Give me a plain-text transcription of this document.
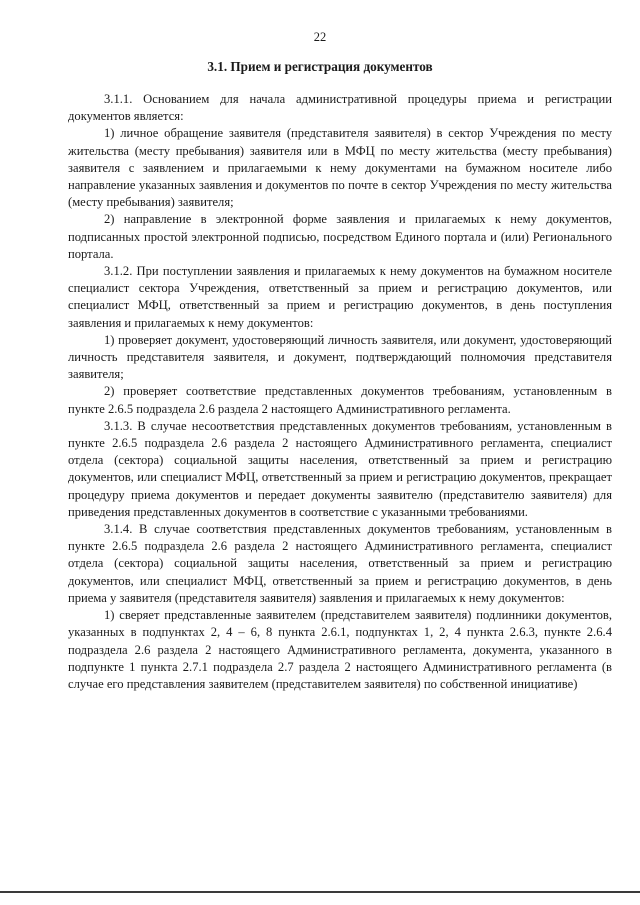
22
3.1. Прием и регистрация документов

3.1.1. Основанием для начала административной процедуры приема и регистрации документов является:

1) личное обращение заявителя (представителя заявителя) в сектор Учреждения по месту жительства (месту пребывания) заявителя или в МФЦ по месту жительства (месту пребывания) заявителя с заявлением и прилагаемыми к нему документами на бумажном носителе либо направление указанных заявления и документов по почте в сектор Учреждения по месту жительства (месту пребывания) заявителя;

2) направление в электронной форме заявления и прилагаемых к нему документов, подписанных простой электронной подписью, посредством Единого портала и (или) Регионального портала.

3.1.2. При поступлении заявления и прилагаемых к нему документов на бумажном носителе специалист сектора Учреждения, ответственный за прием и регистрацию документов, или специалист МФЦ, ответственный за прием и регистрацию документов, в день поступления заявления и прилагаемых к нему документов:

1) проверяет документ, удостоверяющий личность заявителя, или документ, удостоверяющий личность представителя заявителя, и документ, подтверждающий полномочия представителя заявителя;

2) проверяет соответствие представленных документов требованиям, установленным в пункте 2.6.5 подраздела 2.6 раздела 2 настоящего Административного регламента.

3.1.3. В случае несоответствия представленных документов требованиям, установленным в пункте 2.6.5 подраздела 2.6 раздела 2 настоящего Административного регламента, специалист отдела (сектора) социальной защиты населения, ответственный за прием и регистрацию документов, или специалист МФЦ, ответственный за прием и регистрацию документов, прекращает процедуру приема документов и передает документы заявителю (представителю заявителя) для приведения представленных документов в соответствие с указанными требованиями.

3.1.4. В случае соответствия представленных документов требованиям, установленным в пункте 2.6.5 подраздела 2.6 раздела 2 настоящего Административного регламента, специалист отдела (сектора) социальной защиты населения, ответственный за прием и регистрацию документов, или специалист МФЦ, ответственный за прием и регистрацию документов, в день приема у заявителя (представителя заявителя) заявления и прилагаемых к нему документов:

1) сверяет представленные заявителем (представителем заявителя) подлинники документов, указанных в подпунктах 2, 4 – 6, 8 пункта 2.6.1, подпунктах 1, 2, 4 пункта 2.6.3, пункте 2.6.4 подраздела 2.6 раздела 2 настоящего Административного регламента, документа, указанного в подпункте 1 пункта 2.7.1 подраздела 2.7 раздела 2 настоящего Административного регламента (в случае его представления заявителем (представителем заявителя) по собственной инициативе)
